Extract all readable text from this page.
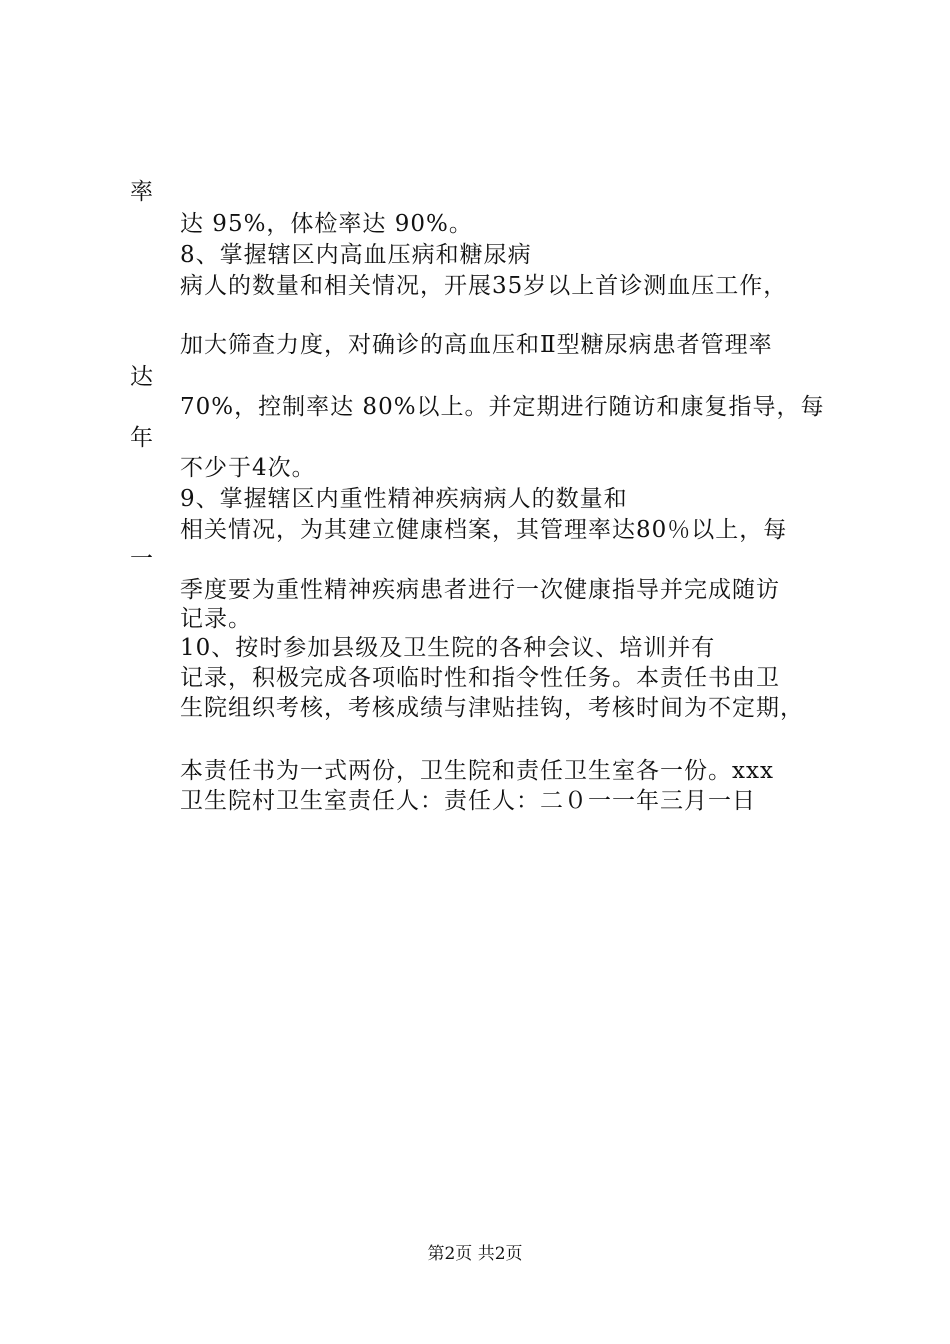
率
达 95%，体检率达 90%。
8、掌握辖区内高血压病和糖尿病
病人的数量和相关情况，开展35岁以上首诊测血压工作，
加大筛查力度，对确诊的高血压和Ⅱ型糖尿病患者管理率
达
70%，控制率达 80%以上。并定期进行随访和康复指导，每
年
不少于4次。
9、掌握辖区内重性精神疾病病人的数量和
相关情况，为其建立健康档案，其管理率达80％以上，每
一
季度要为重性精神疾病患者进行一次健康指导并完成随访
记录。
10、按时参加县级及卫生院的各种会议、培训并有
记录，积极完成各项临时性和指令性任务。本责任书由卫
生院组织考核，考核成绩与津贴挂钩，考核时间为不定期，
本责任书为一式两份，卫生院和责任卫生室各一份。xxx
卫生院村卫生室责任人：责任人：二０一一年三月一日
第2页 共2页
